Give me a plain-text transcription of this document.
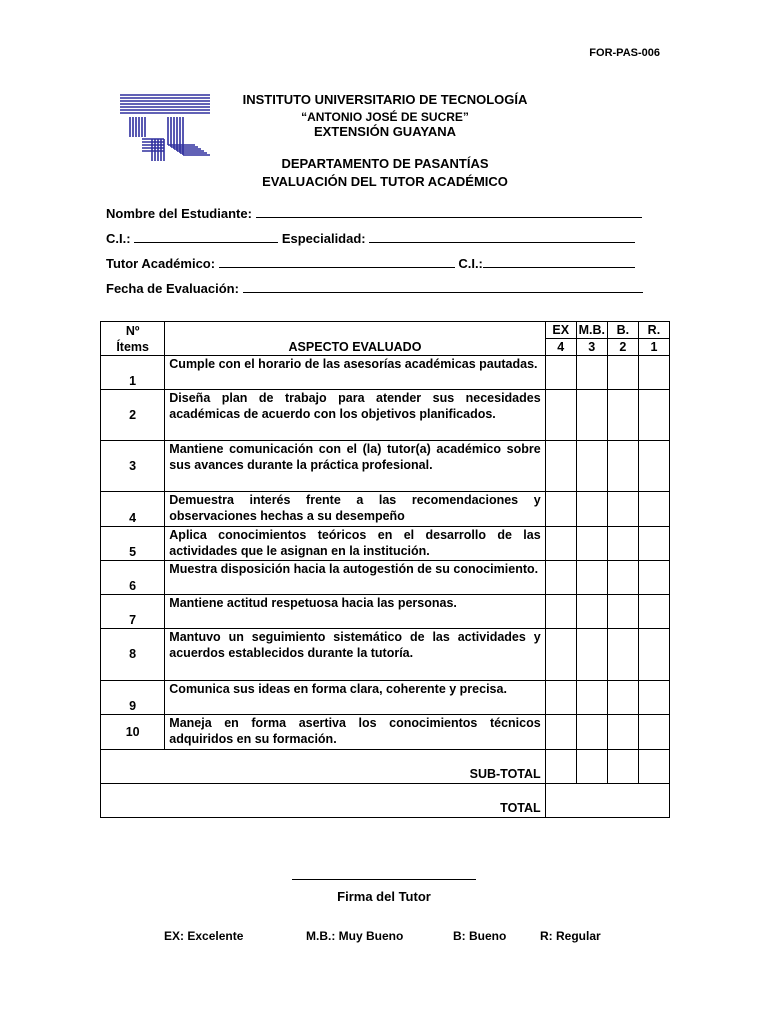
FOR-PAS-006
INSTITUTO UNIVERSITARIO DE TECNOLOGÍA
“ANTONIO JOSÉ DE SUCRE”
EXTENSIÓN GUAYANA
DEPARTAMENTO DE PASANTÍAS
EVALUACIÓN DEL TUTOR ACADÉMICO
Nombre del Estudiante:
C.I.:	Especialidad:
Tutor Académico:	C.I.:
Fecha de Evaluación:
Nº
Ítems	ASPECTO EVALUADO	EX	M.B.	B.	R.
		4	3	2	1
1	Cumple con el horario de las asesorías académicas pautadas.				
2	Diseña plan de trabajo para atender sus necesidades académicas de acuerdo con los objetivos planificados.				
3	Mantiene comunicación con el (la) tutor(a) académico sobre sus avances durante la práctica profesional.				
4	Demuestra interés frente a las recomendaciones y observaciones hechas a su desempeño				
5	Aplica conocimientos teóricos en el desarrollo de las actividades que le asignan en la institución.				
6	Muestra disposición hacia la autogestión de su conocimiento.				
7	Mantiene actitud respetuosa hacia las personas.				
8	Mantuvo un seguimiento sistemático de las actividades y acuerdos establecidos durante la tutoría.				
9	Comunica sus ideas en forma clara, coherente y precisa.				
10	Maneja en forma asertiva los conocimientos técnicos adquiridos en su formación.				
SUB-TOTAL					
TOTAL					
Firma del Tutor
EX: Excelente	M.B.: Muy Bueno	B: Bueno	R: Regular
